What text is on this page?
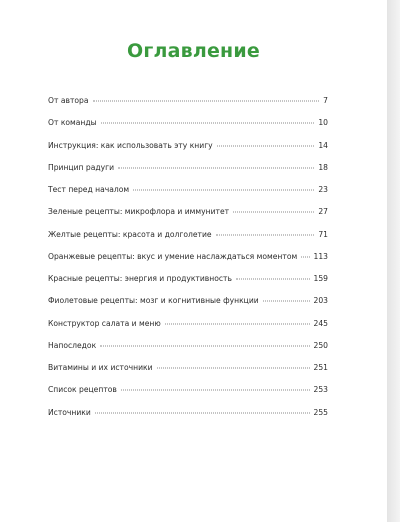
Оглавление
От автора	7
От команды	10
Инструкция: как использовать эту книгу	14
Принцип радуги	18
Тест перед началом	23
Зеленые рецепты: микрофлора и иммунитет	27
Желтые рецепты: красота и долголетие	71
Оранжевые рецепты: вкус и умение наслаждаться моментом 113
Красные рецепты: энергия и продуктивность	159
Фиолетовые рецепты: мозг и когнитивные функции	203
Конструктор салата и меню	245
Напоследок	250
Витамины и их источники	251
Список рецептов	253
Источники	255
